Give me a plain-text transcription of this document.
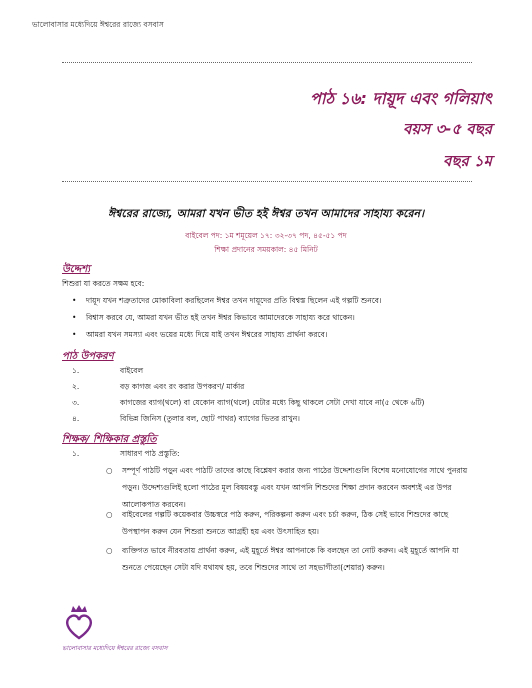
ভালোবাসার মধ্যেদিয়ে ঈশ্বরের রাজ্যে বসবাস
পাঠ ১৬: দায়ূদ এবং গলিয়াৎ
বয়স ৩-৫ বছর
বছর ১ম
ঈশ্বরের রাজ্যে, আমরা যখন ভীত হই ঈশ্বর তখন আমাদের সাহায্য করেন।
বাইবেল পদ: ১ম শমূয়েল ১৭: ৩২-৩৭ পদ, ৪৫-৫১ পদ
শিক্ষা প্রদানের সময়কাল: ৪৫ মিনিট
উদ্দেশ্য
শিশুরা যা করতে সক্ষম হবে:
• দায়ূদ যখন শত্রুতাদের মোকাবিলা করছিলেন ঈশ্বর তখন দায়ূদের প্রতি বিশ্বস্ত ছিলেন এই গল্পটি শুনবে।
• বিশ্বাস করবে যে, আমরা যখন ভীত হই তখন ঈশ্বর কিভাবে আমাদেরকে সাহায্য করে থাকেন।
• আমরা যখন সমস্যা এবং ভয়ের মধ্যে দিয়ে যাই তখন ঈশ্বরের সাহায্য প্রার্থনা করবে।
পাঠ উপকরণ
১.	বাইবেল
২.	বড় কাগজ এবং রং করার উপকরণ/ মার্কার
৩.	কাগজের ব্যাগ(থলে) বা যেকোন ব্যাগ(থলে) যেটার মধ্যে কিছু থাকলে সেটা দেখা যাবে না(৫ থেকে ৬টি)
৪.	বিভিন্ন জিনিস (তুলার বল, ছোট পাথর) ব্যাগের ভিতর রাখুন।
শিক্ষক/ শিক্ষিকার প্রস্তুতি
১.	সাধারণ পাঠ প্রস্তুতি:
○ সম্পূর্ণ পাঠটি পড়ুন এবং পাঠটি তাদের কাছে বিশ্লেষণ করার জন্য পাঠের উদ্দেশ্যগুলি বিশেষ মনোযোগের সাথে পুনরায় পড়ুন। উদ্দেশ্যগুলিই হলো পাঠের মূল বিষয়বস্তু এবং যখন আপনি শিশুদের শিক্ষা প্রদান করবেন অবশ্যই এর উপর আলোকপাত করবেন।
○ বাইবেলের গল্পটি কয়েকবার উচ্চস্বরে পাঠ করুন, পরিকল্পনা করুন এবং চর্চা করুন, ঠিক সেই ভাবে শিশুদের কাছে উপস্থাপন করুন যেন শিশুরা শুনতে আগ্রহী হয় এবং উৎসাহিত হয়।
○ ব্যক্তিগত ভাবে নীরবতায় প্রার্থনা করুন, এই মুহূর্তে ঈশ্বর আপনাকে কি বলছেন তা নোট করুন। এই মুহূর্তে আপনি যা শুনতে পেয়েছেন সেটা যদি যথাযথ হয়, তবে শিশুদের সাথে তা সহভাগীতা(শেয়ার) করুন।
ভালোবাসার মধ্যেদিয়ে ঈশ্বরের রাজ্যে বসবাস
